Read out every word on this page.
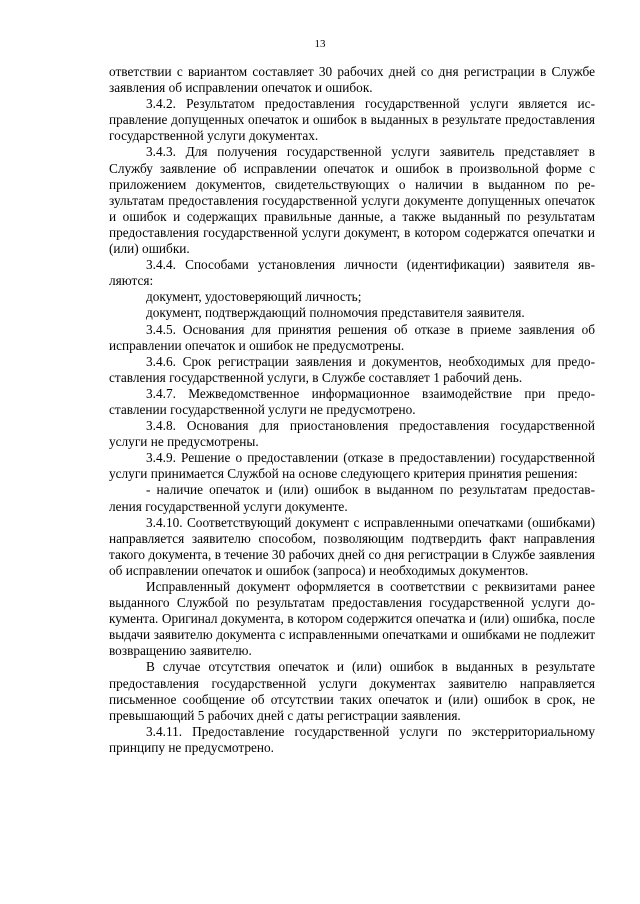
13

ответствии с вариантом составляет 30 рабочих дней со дня регистрации в Службе заявления об исправлении опечаток и ошибок.

3.4.2. Результатом предоставления государственной услуги является исправление допущенных опечаток и ошибок в выданных в результате предоставления государственной услуги документах.

3.4.3. Для получения государственной услуги заявитель представляет в Службу заявление об исправлении опечаток и ошибок в произвольной форме с приложением документов, свидетельствующих о наличии в выданном по результатам предоставления государственной услуги документе допущенных опечаток и ошибок и содержащих правильные данные, а также выданный по результатам предоставления государственной услуги документ, в котором содержатся опечатки и (или) ошибки.

3.4.4. Способами установления личности (идентификации) заявителя являются:

документ, удостоверяющий личность;

документ, подтверждающий полномочия представителя заявителя.

3.4.5. Основания для принятия решения об отказе в приеме заявления об исправлении опечаток и ошибок не предусмотрены.

3.4.6. Срок регистрации заявления и документов, необходимых для предоставления государственной услуги, в Службе составляет 1 рабочий день.

3.4.7. Межведомственное информационное взаимодействие при предоставлении государственной услуги не предусмотрено.

3.4.8. Основания для приостановления предоставления государственной услуги не предусмотрены.

3.4.9. Решение о предоставлении (отказе в предоставлении) государственной услуги принимается Службой на основе следующего критерия принятия решения:

- наличие опечаток и (или) ошибок в выданном по результатам предоставления государственной услуги документе.

3.4.10. Соответствующий документ с исправленными опечатками (ошибками) направляется заявителю способом, позволяющим подтвердить факт направления такого документа, в течение 30 рабочих дней со дня регистрации в Службе заявления об исправлении опечаток и ошибок (запроса) и необходимых документов.

Исправленный документ оформляется в соответствии с реквизитами ранее выданного Службой по результатам предоставления государственной услуги документа. Оригинал документа, в котором содержится опечатка и (или) ошибка, после выдачи заявителю документа с исправленными опечатками и ошибками не подлежит возвращению заявителю.

В случае отсутствия опечаток и (или) ошибок в выданных в результате предоставления государственной услуги документах заявителю направляется письменное сообщение об отсутствии таких опечаток и (или) ошибок в срок, не превышающий 5 рабочих дней с даты регистрации заявления.

3.4.11. Предоставление государственной услуги по экстерриториальному принципу не предусмотрено.
